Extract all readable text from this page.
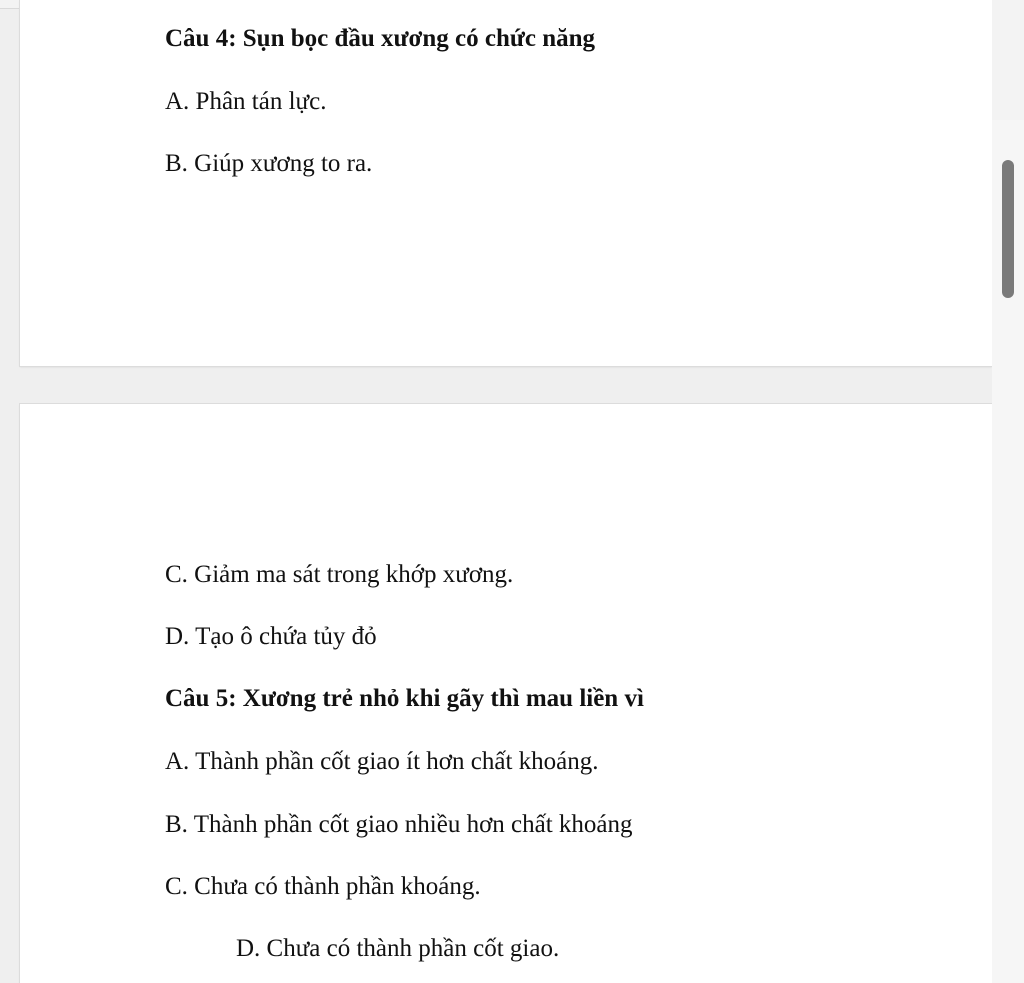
Câu 4: Sụn bọc đầu xương có chức năng
A. Phân tán lực.
B. Giúp xương to ra.
C. Giảm ma sát trong khớp xương.
D. Tạo ô chứa tủy đỏ
Câu 5: Xương trẻ nhỏ khi gãy thì mau liền vì
A. Thành phần cốt giao ít hơn chất khoáng.
B. Thành phần cốt giao nhiều hơn chất khoáng
C. Chưa có thành phần khoáng.
D. Chưa có thành phần cốt giao.
